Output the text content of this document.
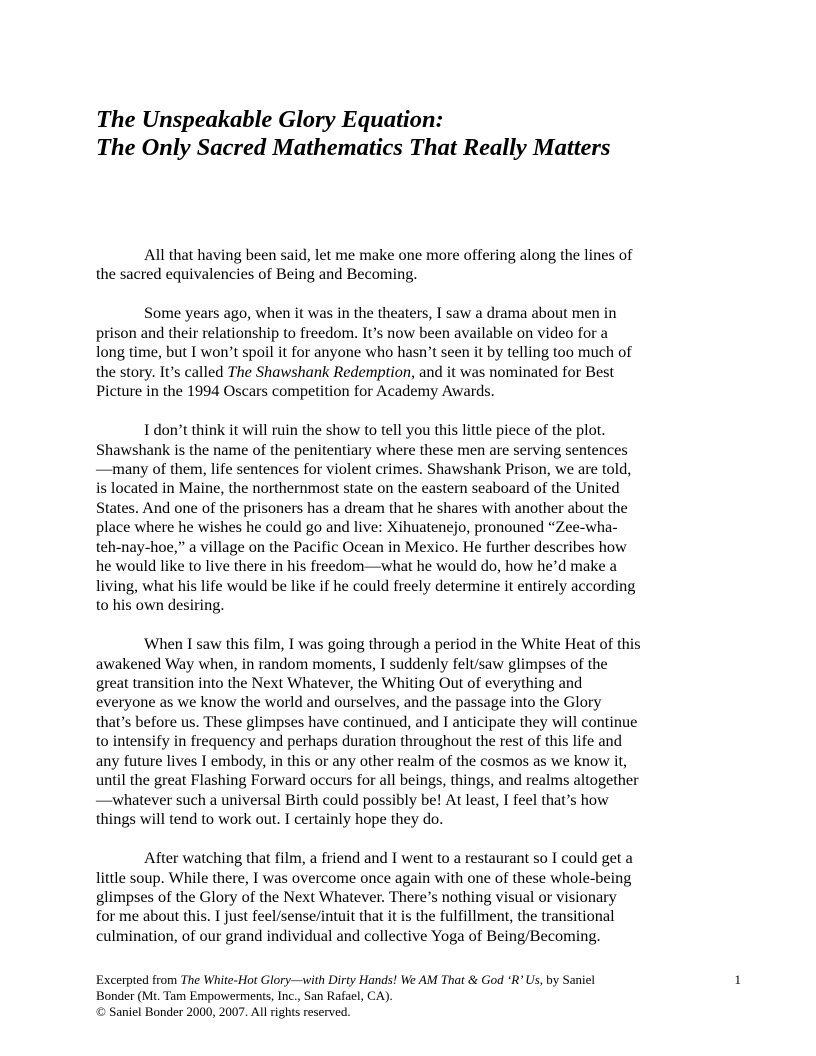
The Unspeakable Glory Equation:
The Only Sacred Mathematics That Really Matters
All that having been said, let me make one more offering along the lines of
the sacred equivalencies of Being and Becoming.
Some years ago, when it was in the theaters, I saw a drama about men in
prison and their relationship to freedom. It’s now been available on video for a
long time, but I won’t spoil it for anyone who hasn’t seen it by telling too much of
the story. It’s called The Shawshank Redemption, and it was nominated for Best
Picture in the 1994 Oscars competition for Academy Awards.
I don’t think it will ruin the show to tell you this little piece of the plot.
Shawshank is the name of the penitentiary where these men are serving sentences
—many of them, life sentences for violent crimes. Shawshank Prison, we are told,
is located in Maine, the northernmost state on the eastern seaboard of the United
States. And one of the prisoners has a dream that he shares with another about the
place where he wishes he could go and live: Xihuatenejo, pronouned “Zee-wha-
teh-nay-hoe,” a village on the Pacific Ocean in Mexico. He further describes how
he would like to live there in his freedom—what he would do, how he’d make a
living, what his life would be like if he could freely determine it entirely according
to his own desiring.
When I saw this film, I was going through a period in the White Heat of this
awakened Way when, in random moments, I suddenly felt/saw glimpses of the
great transition into the Next Whatever, the Whiting Out of everything and
everyone as we know the world and ourselves, and the passage into the Glory
that’s before us. These glimpses have continued, and I anticipate they will continue
to intensify in frequency and perhaps duration throughout the rest of this life and
any future lives I embody, in this or any other realm of the cosmos as we know it,
until the great Flashing Forward occurs for all beings, things, and realms altogether
—whatever such a universal Birth could possibly be! At least, I feel that’s how
things will tend to work out. I certainly hope they do.
After watching that film, a friend and I went to a restaurant so I could get a
little soup. While there, I was overcome once again with one of these whole-being
glimpses of the Glory of the Next Whatever. There’s nothing visual or visionary
for me about this. I just feel/sense/intuit that it is the fulfillment, the transitional
culmination, of our grand individual and collective Yoga of Being/Becoming.
Excerpted from The White-Hot Glory—with Dirty Hands! We AM That & God ‘R’ Us, by Saniel
Bonder (Mt. Tam Empowerments, Inc., San Rafael, CA).
© Saniel Bonder 2000, 2007. All rights reserved.
1
